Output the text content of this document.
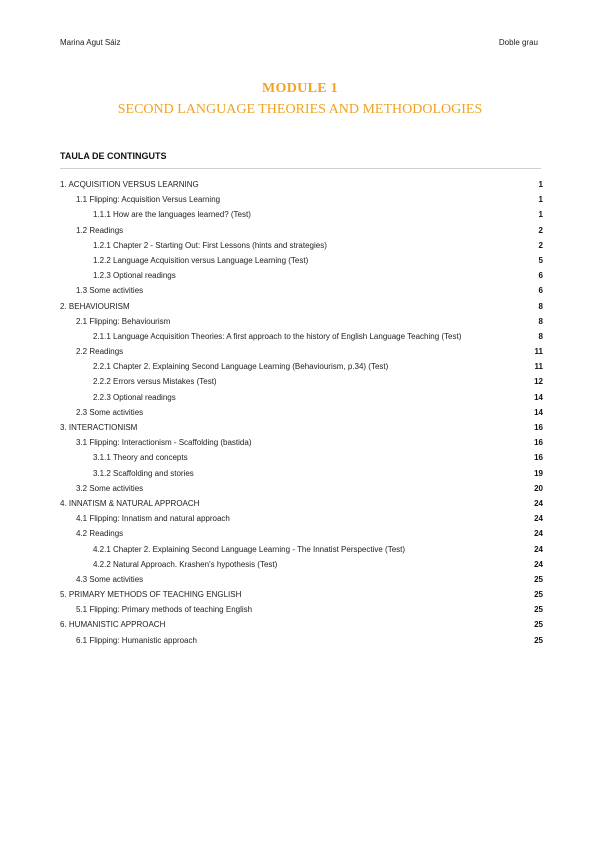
Marina Agut Sáiz	Doble grau
MODULE 1
SECOND LANGUAGE THEORIES AND METHODOLOGIES
TAULA DE CONTINGUTS
1. ACQUISITION VERSUS LEARNING	1
1.1 Flipping: Acquisition Versus Learning	1
1.1.1 How are the languages learned? (Test)	1
1.2 Readings	2
1.2.1 Chapter 2 - Starting Out: First Lessons (hints and strategies)	2
1.2.2 Language Acquisition versus Language Learning (Test)	5
1.2.3 Optional readings	6
1.3 Some activities	6
2. BEHAVIOURISM	8
2.1 Flipping: Behaviourism	8
2.1.1 Language Acquisition Theories: A first approach to the history of English Language Teaching (Test)	8
2.2 Readings	11
2.2.1 Chapter 2. Explaining Second Language Learning (Behaviourism, p.34) (Test)	11
2.2.2 Errors versus Mistakes (Test)	12
2.2.3 Optional readings	14
2.3 Some activities	14
3. INTERACTIONISM	16
3.1 Flipping: Interactionism - Scaffolding (bastida)	16
3.1.1 Theory and concepts	16
3.1.2 Scaffolding and stories	19
3.2 Some activities	20
4. INNATISM & NATURAL APPROACH	24
4.1 Flipping: Innatism and natural approach	24
4.2 Readings	24
4.2.1 Chapter 2. Explaining Second Language Learning - The Innatist Perspective (Test)	24
4.2.2 Natural Approach. Krashen's hypothesis (Test)	24
4.3 Some activities	25
5. PRIMARY METHODS OF TEACHING ENGLISH	25
5.1 Flipping: Primary methods of teaching English	25
6. HUMANISTIC APPROACH	25
6.1 Flipping: Humanistic approach	25
